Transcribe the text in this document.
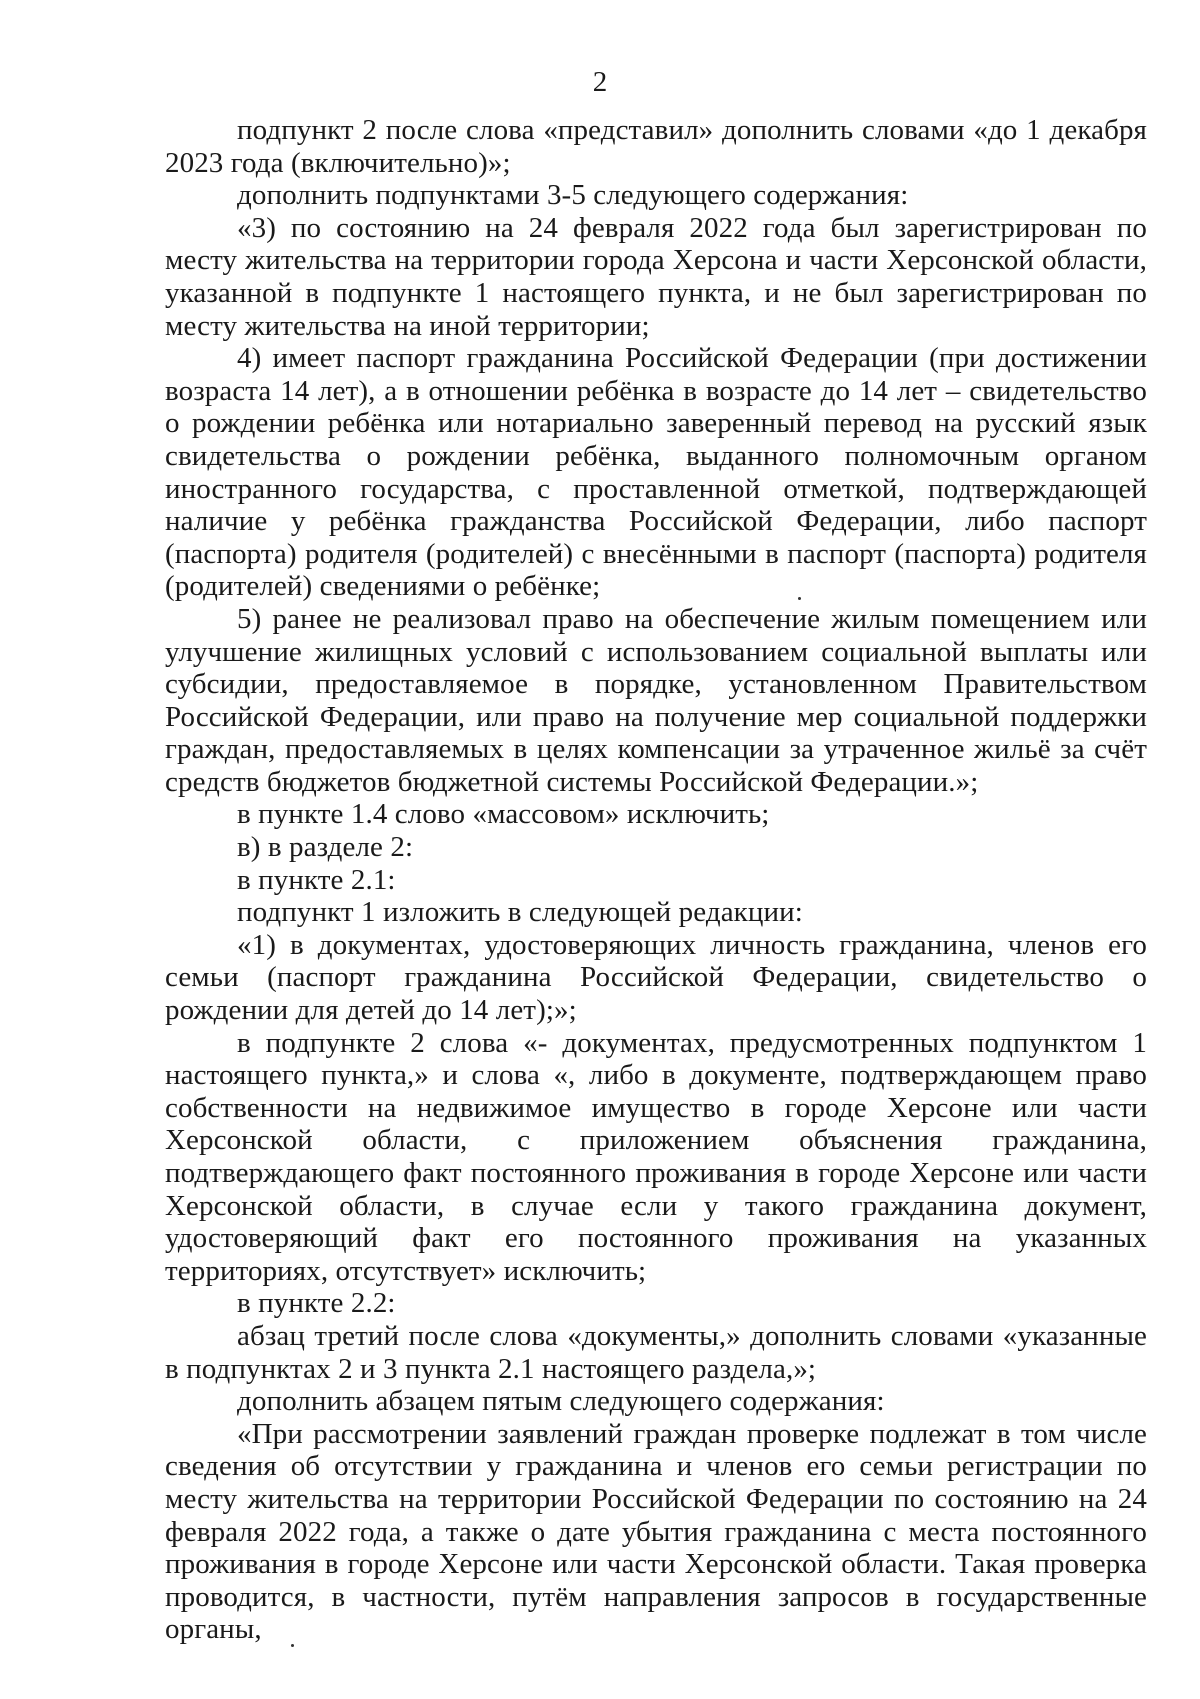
2

подпункт 2 после слова «представил» дополнить словами «до 1 декабря 2023 года (включительно)»;

дополнить подпунктами 3-5 следующего содержания:

«3) по состоянию на 24 февраля 2022 года был зарегистрирован по месту жительства на территории города Херсона и части Херсонской области, указанной в подпункте 1 настоящего пункта, и не был зарегистрирован по месту жительства на иной территории;

4) имеет паспорт гражданина Российской Федерации (при достижении возраста 14 лет), а в отношении ребёнка в возрасте до 14 лет – свидетельство о рождении ребёнка или нотариально заверенный перевод на русский язык свидетельства о рождении ребёнка, выданного полномочным органом иностранного государства, с проставленной отметкой, подтверждающей наличие у ребёнка гражданства Российской Федерации, либо паспорт (паспорта) родителя (родителей) с внесёнными в паспорт (паспорта) родителя (родителей) сведениями о ребёнке;

5) ранее не реализовал право на обеспечение жилым помещением или улучшение жилищных условий с использованием социальной выплаты или субсидии, предоставляемое в порядке, установленном Правительством Российской Федерации, или право на получение мер социальной поддержки граждан, предоставляемых в целях компенсации за утраченное жильё за счёт средств бюджетов бюджетной системы Российской Федерации.»;

в пункте 1.4 слово «массовом» исключить;

в) в разделе 2:

в пункте 2.1:

подпункт 1 изложить в следующей редакции:

«1) в документах, удостоверяющих личность гражданина, членов его семьи (паспорт гражданина Российской Федерации, свидетельство о рождении для детей до 14 лет);»;

в подпункте 2 слова «- документах, предусмотренных подпунктом 1 настоящего пункта,» и слова «, либо в документе, подтверждающем право собственности на недвижимое имущество в городе Херсоне или части Херсонской области, с приложением объяснения гражданина, подтверждающего факт постоянного проживания в городе Херсоне или части Херсонской области, в случае если у такого гражданина документ, удостоверяющий факт его постоянного проживания на указанных территориях, отсутствует» исключить;

в пункте 2.2:

абзац третий после слова «документы,» дополнить словами «указанные в подпунктах 2 и 3 пункта 2.1 настоящего раздела,»;

дополнить абзацем пятым следующего содержания:

«При рассмотрении заявлений граждан проверке подлежат в том числе сведения об отсутствии у гражданина и членов его семьи регистрации по месту жительства на территории Российской Федерации по состоянию на 24 февраля 2022 года, а также о дате убытия гражданина с места постоянного проживания в городе Херсоне или части Херсонской области. Такая проверка проводится, в частности, путём направления запросов в государственные органы,
